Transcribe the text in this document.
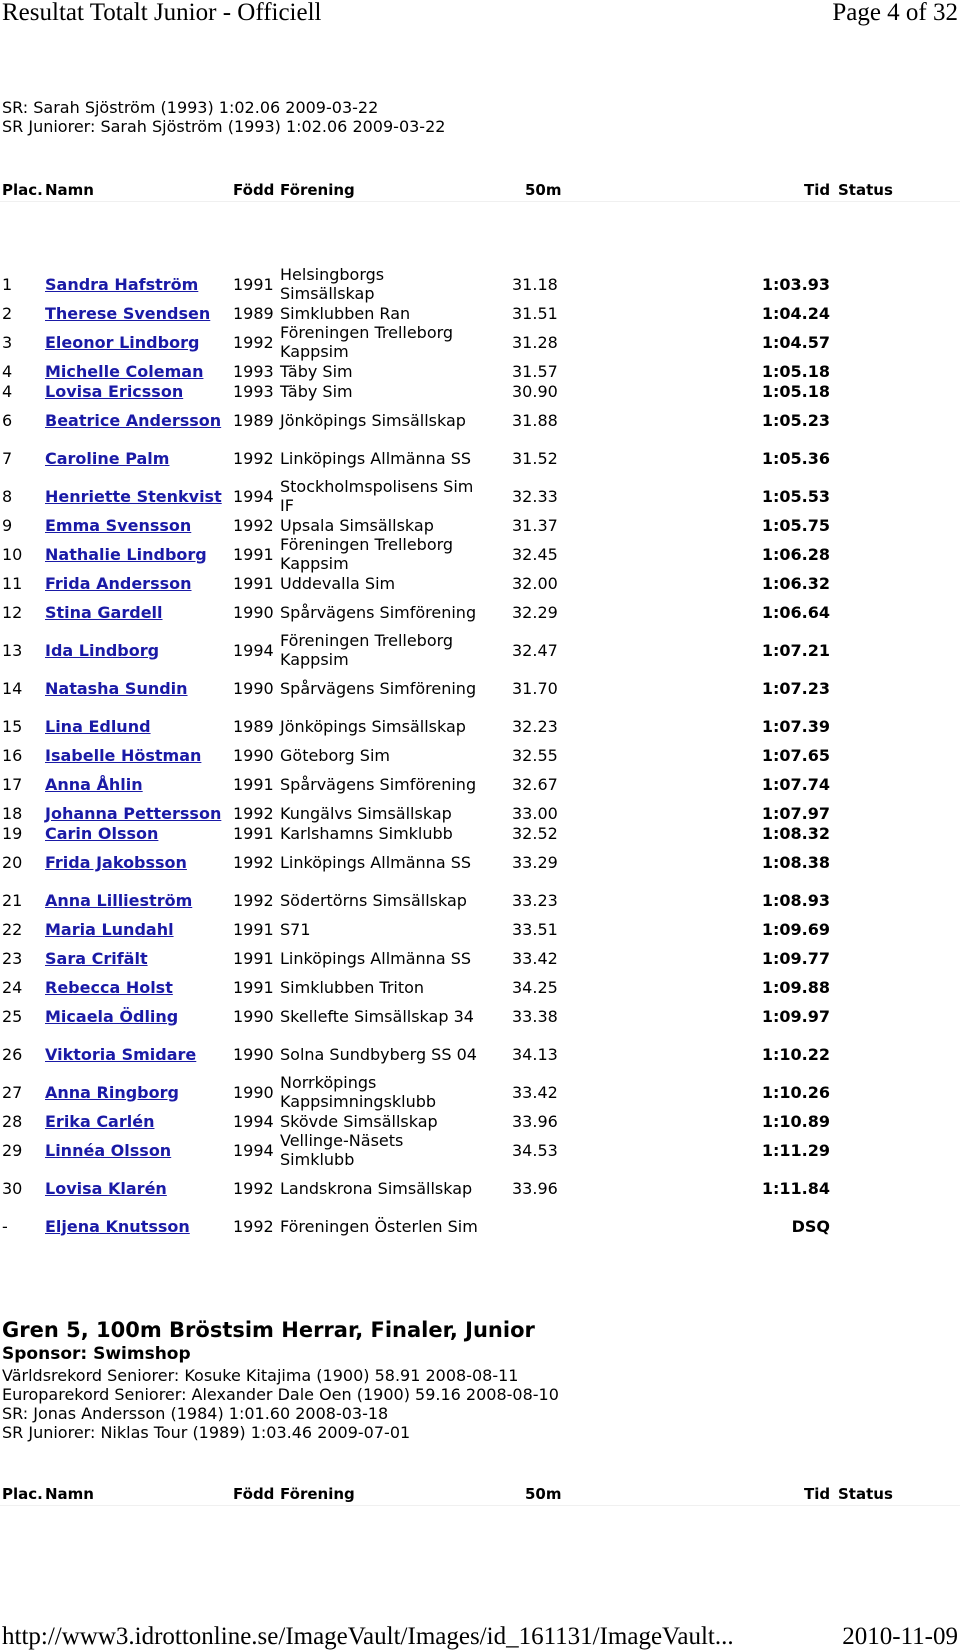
Resultat Totalt Junior - Officiell	Page 4 of 32
SR: Sarah Sjöström (1993) 1:02.06 2009-03-22
SR Juniorer: Sarah Sjöström (1993) 1:02.06 2009-03-22
Plac. Namn	Född Förening	50m	Tid Status
1 Sandra Hafström 1991 Helsingborgs Simsällskap	31.18	1:03.93
2 Therese Svendsen 1989 Simklubben Ran	31.51	1:04.24
3 Eleonor Lindborg 1992 Föreningen Trelleborg Kappsim	31.28	1:04.57
4 Michelle Coleman 1993 Täby Sim	31.57	1:05.18
4 Lovisa Ericsson	1993 Täby Sim	30.90	1:05.18
6 Beatrice Andersson 1989 Jönköpings Simsällskap	31.88	1:05.23
7 Caroline Palm	1992 Linköpings Allmänna SS	31.52	1:05.36
8 Henriette Stenkvist 1994 Stockholmspolisens Sim IF	32.33	1:05.53
9 Emma Svensson	1992 Upsala Simsällskap	31.37	1:05.75
10 Nathalie Lindborg 1991 Föreningen Trelleborg Kappsim	32.45	1:06.28
11 Frida Andersson	1991 Uddevalla Sim	32.00	1:06.32
12 Stina Gardell	1990 Spårvägens Simförening 32.29	1:06.64
13 Ida Lindborg	1994 Föreningen Trelleborg Kappsim	32.47	1:07.21
14 Natasha Sundin	1990 Spårvägens Simförening 31.70	1:07.23
15 Lina Edlund	1989 Jönköpings Simsällskap	32.23	1:07.39
16 Isabelle Höstman 1990 Göteborg Sim	32.55	1:07.65
17 Anna Åhlin	1991 Spårvägens Simförening 32.67	1:07.74
18 Johanna Pettersson 1992 Kungälvs Simsällskap	33.00	1:07.97
19 Carin Olsson	1991 Karlshamns Simklubb	32.52	1:08.32
20 Frida Jakobsson	1992 Linköpings Allmänna SS	33.29	1:08.38
21 Anna Lillieström	1992 Södertörns Simsällskap	33.23	1:08.93
22 Maria Lundahl	1991 S71	33.51	1:09.69
23 Sara Crifält	1991 Linköpings Allmänna SS	33.42	1:09.77
24 Rebecca Holst	1991 Simklubben Triton	34.25	1:09.88
25 Micaela Ödling	1990 Skellefte Simsällskap 34	33.38	1:09.97
26 Viktoria Smidare 1990 Solna Sundbyberg SS 04 34.13	1:10.22
27 Anna Ringborg	1990 Norrköpings Kappsimningsklubb	33.42	1:10.26
28 Erika Carlén	1994 Skövde Simsällskap	33.96	1:10.89
29 Linnéa Olsson	1994 Vellinge-Näsets Simklubb	34.53	1:11.29
30 Lovisa Klarén	1992 Landskrona Simsällskap	33.96	1:11.84
- Eljena Knutsson	1992 Föreningen Österlen Sim	DSQ
Gren 5, 100m Bröstsim Herrar, Finaler, Junior
Sponsor: Swimshop
Världsrekord Seniorer: Kosuke Kitajima (1900) 58.91 2008-08-11
Europarekord Seniorer: Alexander Dale Oen (1900) 59.16 2008-08-10
SR: Jonas Andersson (1984) 1:01.60 2008-03-18
SR Juniorer: Niklas Tour (1989) 1:03.46 2009-07-01
Plac. Namn	Född Förening	50m	Tid Status
http://www3.idrottonline.se/ImageVault/Images/id_161131/ImageVault...	2010-11-09
